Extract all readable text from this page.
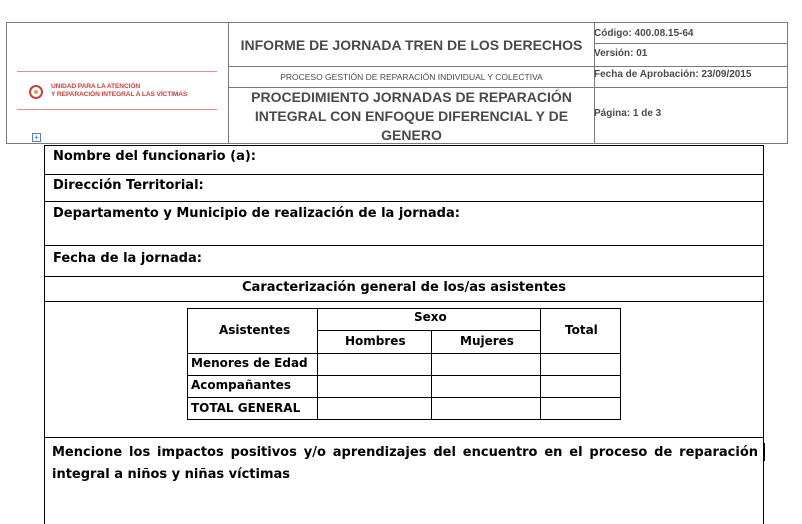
UNIDAD PARA LA ATENCIÓN
Y REPARACIÓN INTEGRAL A LAS VÍCTIMAS
INFORME DE JORNADA TREN DE LOS DERECHOS
PROCESO GESTIÓN DE REPARACIÓN INDIVIDUAL Y COLECTIVA
PROCEDIMIENTO JORNADAS DE REPARACIÓN INTEGRAL CON ENFOQUE DIFERENCIAL Y DE GENERO
Código: 400.08.15-64
Versión: 01
Fecha de Aprobación: 23/09/2015
Página: 1 de 3
+
Nombre del funcionario (a):
Dirección Territorial:
Departamento y Municipio de realización de la jornada:
Fecha de la jornada:
Caracterización general de los/as asistentes
Asistentes
Sexo
Hombres	Mujeres
Total
Menores de Edad
Acompañantes
TOTAL GENERAL
Mencione los impactos positivos y/o aprendizajes del encuentro en el proceso de reparación integral a niños y niñas víctimas
